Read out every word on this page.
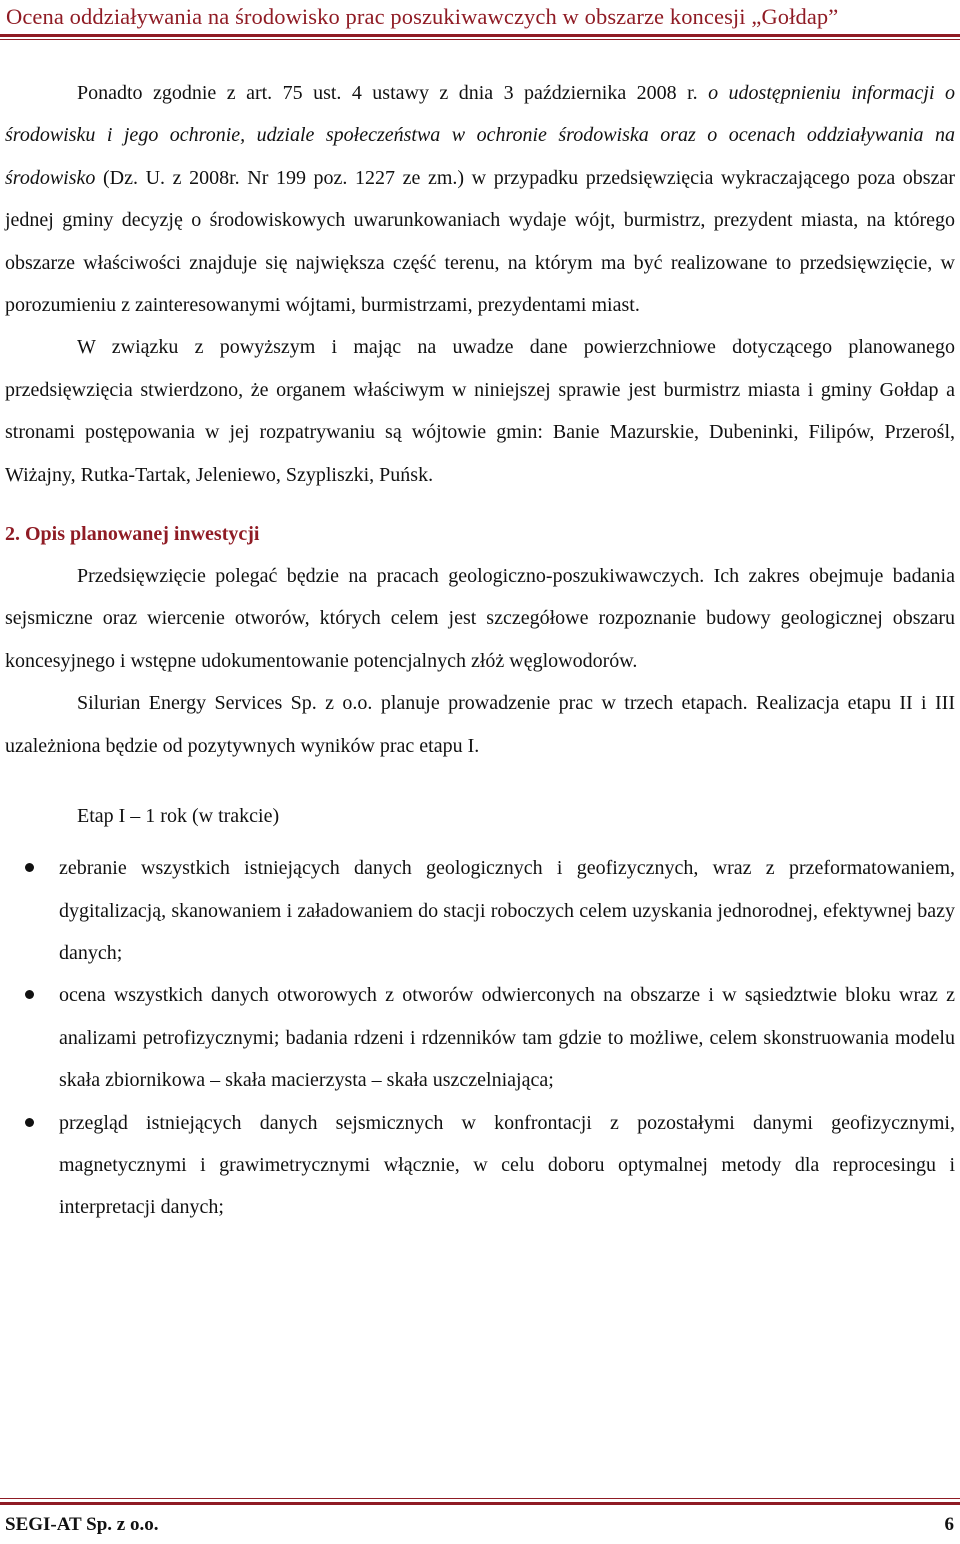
Ocena oddziaływania na środowisko prac poszukiwawczych w obszarze koncesji „Gołdap”

Ponadto zgodnie z art. 75 ust. 4 ustawy z dnia 3 października 2008 r. o udostępnieniu informacji o środowisku i jego ochronie, udziale społeczeństwa w ochronie środowiska oraz o ocenach oddziaływania na środowisko (Dz. U. z 2008r. Nr 199 poz. 1227 ze zm.) w przypadku przedsięwzięcia wykraczającego poza obszar jednej gminy decyzję o środowiskowych uwarunkowaniach wydaje wójt, burmistrz, prezydent miasta, na którego obszarze właściwości znajduje się największa część terenu, na którym ma być realizowane to przedsięwzięcie, w porozumieniu z zainteresowanymi wójtami, burmistrzami, prezydentami miast.

W związku z powyższym i mając na uwadze dane powierzchniowe dotyczącego planowanego przedsięwzięcia stwierdzono, że organem właściwym w niniejszej sprawie jest burmistrz miasta i gminy Gołdap a stronami postępowania w jej rozpatrywaniu są wójtowie gmin: Banie Mazurskie, Dubeninki, Filipów, Przerośl, Wiżajny, Rutka-Tartak, Jeleniewo, Szypliszki, Puńsk.

2. Opis planowanej inwestycji

Przedsięwzięcie polegać będzie na pracach geologiczno-poszukiwawczych. Ich zakres obejmuje badania sejsmiczne oraz wiercenie otworów, których celem jest szczegółowe rozpoznanie budowy geologicznej obszaru koncesyjnego i wstępne udokumentowanie potencjalnych złóż węglowodorów.

Silurian Energy Services Sp. z o.o. planuje prowadzenie prac w trzech etapach. Realizacja etapu II i III uzależniona będzie od pozytywnych wyników prac etapu I.

Etap I – 1 rok (w trakcie)
zebranie wszystkich istniejących danych geologicznych i geofizycznych, wraz z przeformatowaniem, dygitalizacją, skanowaniem i załadowaniem do stacji roboczych celem uzyskania jednorodnej, efektywnej bazy danych;
ocena wszystkich danych otworowych z otworów odwierconych na obszarze i w sąsiedztwie bloku wraz z analizami petrofizycznymi; badania rdzeni i rdzenników tam gdzie to możliwe, celem skonstruowania modelu skała zbiornikowa – skała macierzysta – skała uszczelniająca;
przegląd istniejących danych sejsmicznych w konfrontacji z pozostałymi danymi geofizycznymi, magnetycznymi i grawimetrycznymi włącznie, w celu doboru optymalnej metody dla reprocesingu i interpretacji danych;
SEGI-AT Sp. z o.o.	6
